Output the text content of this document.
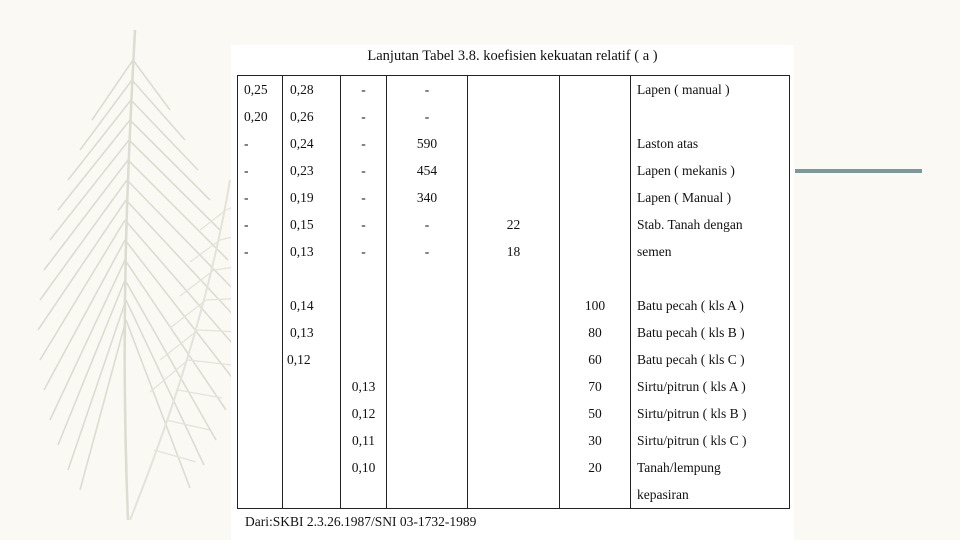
Lanjutan Tabel 3.8. koefisien kekuatan relatif ( a )
0,25	0,28	-	-			Lapen ( manual )
0,20	0,26	-	-			
-	0,24	-	590			Laston atas
-	0,23	-	454			Lapen ( mekanis )
-	0,19	-	340			Lapen ( Manual )
-	0,15	-	-	22		Stab. Tanah dengan
-	0,13	-	-	18		semen

	0,14				100	Batu pecah ( kls A )
	0,13				80	Batu pecah ( kls B )
	0,12				60	Batu pecah ( kls C )
		0,13			70	Sirtu/pitrun ( kls A )
		0,12			50	Sirtu/pitrun ( kls B )
		0,11			30	Sirtu/pitrun ( kls C )
		0,10			20	Tanah/lempung
						kepasiran
Dari:SKBI 2.3.26.1987/SNI 03-1732-1989
